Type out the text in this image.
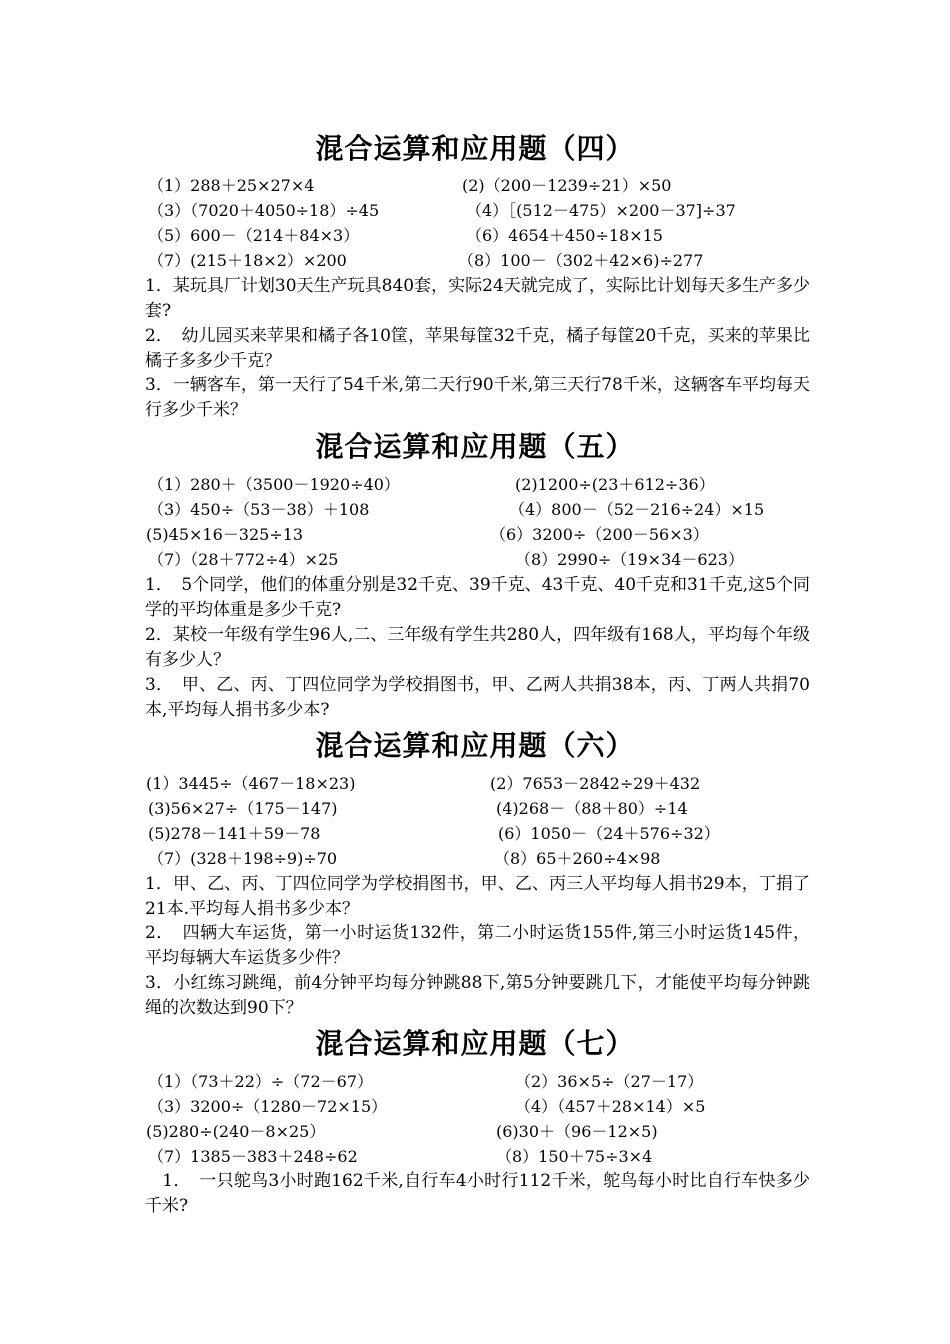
混合运算和应用题（四）
（1）288＋25×27×4	(2)（200－1239÷21）×50
（3）（7020＋4050÷18）÷45	（4）［(512－475）×200－37]÷37
（5）600－（214＋84×3）	（6）4654＋450÷18×15
（7）(215＋18×2）×200	（8）100－（302＋42×6)÷277
1．某玩具厂计划30天生产玩具840套，实际24天就完成了，实际比计划每天多生产多少套?
2．　幼儿园买来苹果和橘子各10筐，苹果每筐32千克，橘子每筐20千克，买来的苹果比橘子多多少千克？
3．一辆客车，第一天行了54千米,第二天行90千米,第三天行78千米，这辆客车平均每天行多少千米？
混合运算和应用题（五）
（1）280＋（3500－1920÷40）	(2)1200÷(23＋612÷36）
（3）450÷（53－38）＋108	（4）800－（52－216÷24）×15
(5)45×16－325÷13	（6）3200÷（200－56×3）
（7）（28＋772÷4）×25	（8）2990÷（19×34－623）
1．　5个同学，他们的体重分别是32千克、39千克、43千克、40千克和31千克,这5个同学的平均体重是多少千克?
2．某校一年级有学生96人,二、三年级有学生共280人，四年级有168人，平均每个年级有多少人？
3．　甲、乙、丙、丁四位同学为学校捐图书，甲、乙两人共捐38本，丙、丁两人共捐70本,平均每人捐书多少本?
混合运算和应用题（六）
(1）3445÷（467－18×23)	(2）7653－2842÷29＋432
(3)56×27÷（175－147)	(4)268－（88＋80）÷14
(5)278－141＋59－78	(6）1050－（24＋576÷32）
（7）(328＋198÷9)÷70	（8）65＋260÷4×98
1．甲、乙、丙、丁四位同学为学校捐图书，甲、乙、丙三人平均每人捐书29本，丁捐了21本.平均每人捐书多少本？
2．　四辆大车运货，第一小时运货132件，第二小时运货155件,第三小时运货145件，平均每辆大车运货多少件？
3．小红练习跳绳，前4分钟平均每分钟跳88下,第5分钟要跳几下，才能使平均每分钟跳绳的次数达到90下？
混合运算和应用题（七）
（1）（73＋22）÷（72－67）	（2）36×5÷（27－17）
（3）3200÷（1280－72×15）	（4）（457＋28×14）×5
(5)280÷(240－8×25）	(6)30＋（96－12×5)
（7）1385－383＋248÷62	（8）150＋75÷3×4
　1．　一只鸵鸟3小时跑162千米,自行车4小时行112千米，鸵鸟每小时比自行车快多少千米?
